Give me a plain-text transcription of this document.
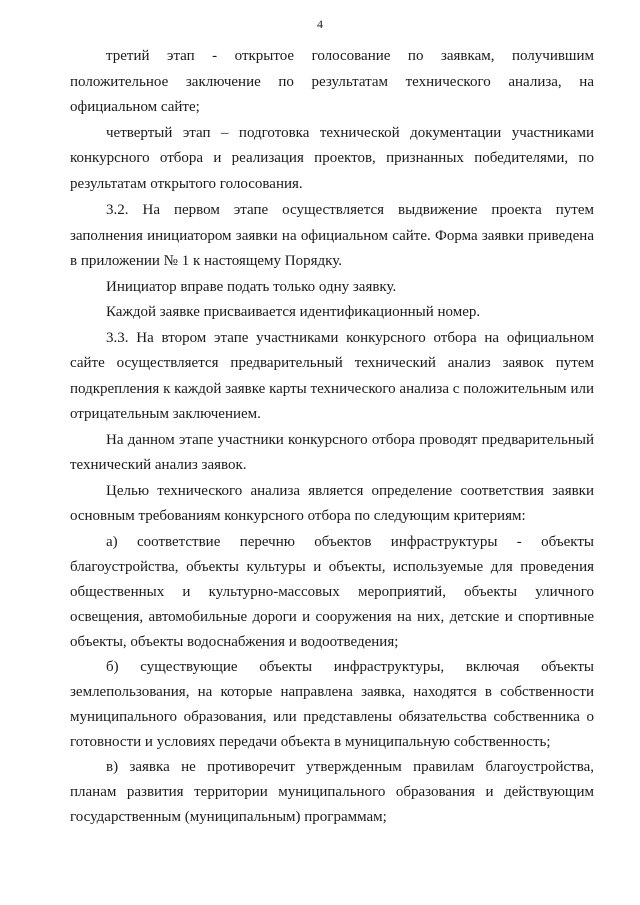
4

третий этап - открытое голосование по заявкам, получившим положительное заключение по результатам технического анализа, на официальном сайте;

четвертый этап – подготовка технической документации участниками конкурсного отбора и реализация проектов, признанных победителями, по результатам открытого голосования.

3.2. На первом этапе осуществляется выдвижение проекта путем заполнения инициатором заявки на официальном сайте. Форма заявки приведена в приложении № 1 к настоящему Порядку.

Инициатор вправе подать только одну заявку.

Каждой заявке присваивается идентификационный номер.

3.3. На втором этапе участниками конкурсного отбора на официальном сайте осуществляется предварительный технический анализ заявок путем подкрепления к каждой заявке карты технического анализа с положительным или отрицательным заключением.

На данном этапе участники конкурсного отбора проводят предварительный технический анализ заявок.

Целью технического анализа является определение соответствия заявки основным требованиям конкурсного отбора по следующим критериям:

а) соответствие перечню объектов инфраструктуры - объекты благоустройства, объекты культуры и объекты, используемые для проведения общественных и культурно-массовых мероприятий, объекты уличного освещения, автомобильные дороги и сооружения на них, детские и спортивные объекты, объекты водоснабжения и водоотведения;

б) существующие объекты инфраструктуры, включая объекты землепользования, на которые направлена заявка, находятся в собственности муниципального образования, или представлены обязательства собственника о готовности и условиях передачи объекта в муниципальную собственность;

в) заявка не противоречит утвержденным правилам благоустройства, планам развития территории муниципального образования и действующим государственным (муниципальным) программам;
